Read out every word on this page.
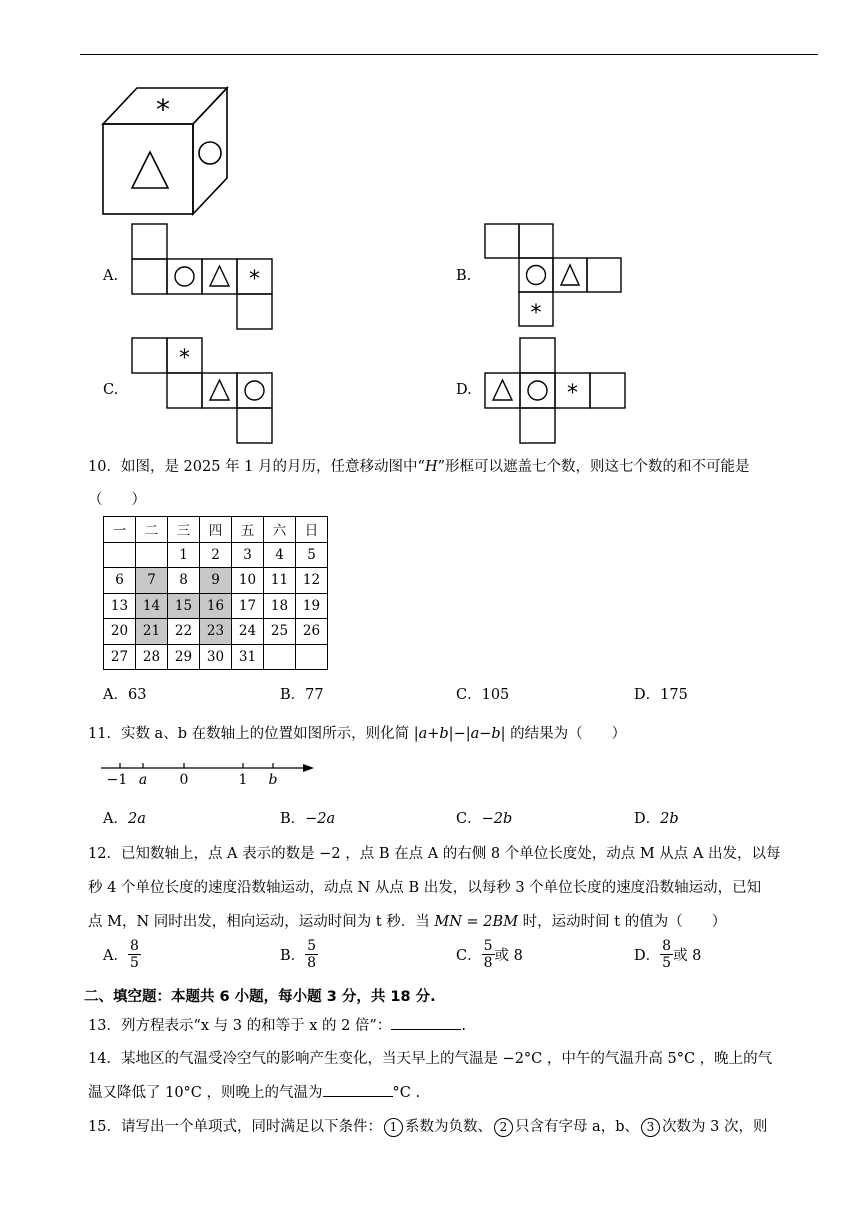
*
A.	*	B.
*
C.
*
D.	*
10．如图，是 2025 年 1 月的月历，任意移动图中“H”形框可以遮盖七个数，则这七个数的和不可能是
（　　）
一	二	三	四	五	六	日
		1	2	3	4	5
6	7	8	9	10	11	12
13	14	15	16	17	18	19
20	21	22	23	24	25	26
27	28	29	30	31		
A．63	B．77	C．105	D．175
11．实数 a、b 在数轴上的位置如图所示，则化简 |a+b|−|a−b| 的结果为（　　）
−1 a 0	1 b
A．2a	B．−2a	C．−2b	D．2b
12．已知数轴上，点 A 表示的数是 −2 ，点 B 在点 A 的右侧 8 个单位长度处，动点 M 从点 A 出发，以每
秒 4 个单位长度的速度沿数轴运动，动点 N 从点 B 出发，以每秒 3 个单位长度的速度沿数轴运动，已知
点 M，N 同时出发，相向运动，运动时间为 t 秒．当 MN = 2BM 时，运动时间 t 的值为（　　）
A． $\frac{8}{5}$	B． $\frac{5}{8}$	C． $\frac{5}{8}$ 或 8	D． $\frac{8}{5}$ 或 8
二、填空题：本题共 6 小题，每小题 3 分，共 18 分.
13．列方程表示“x 与 3 的和等于 x 的 2 倍”：	.
14．某地区的气温受冷空气的影响产生变化，当天早上的气温是 −2°C ，中午的气温升高 5°C ，晚上的气
温又降低了 10°C ，则晚上的气温为	°C .
15．请写出一个单项式，同时满足以下条件： 1 系数为负数、 2 只含有字母 a，b、 3 次数为 3 次，则
